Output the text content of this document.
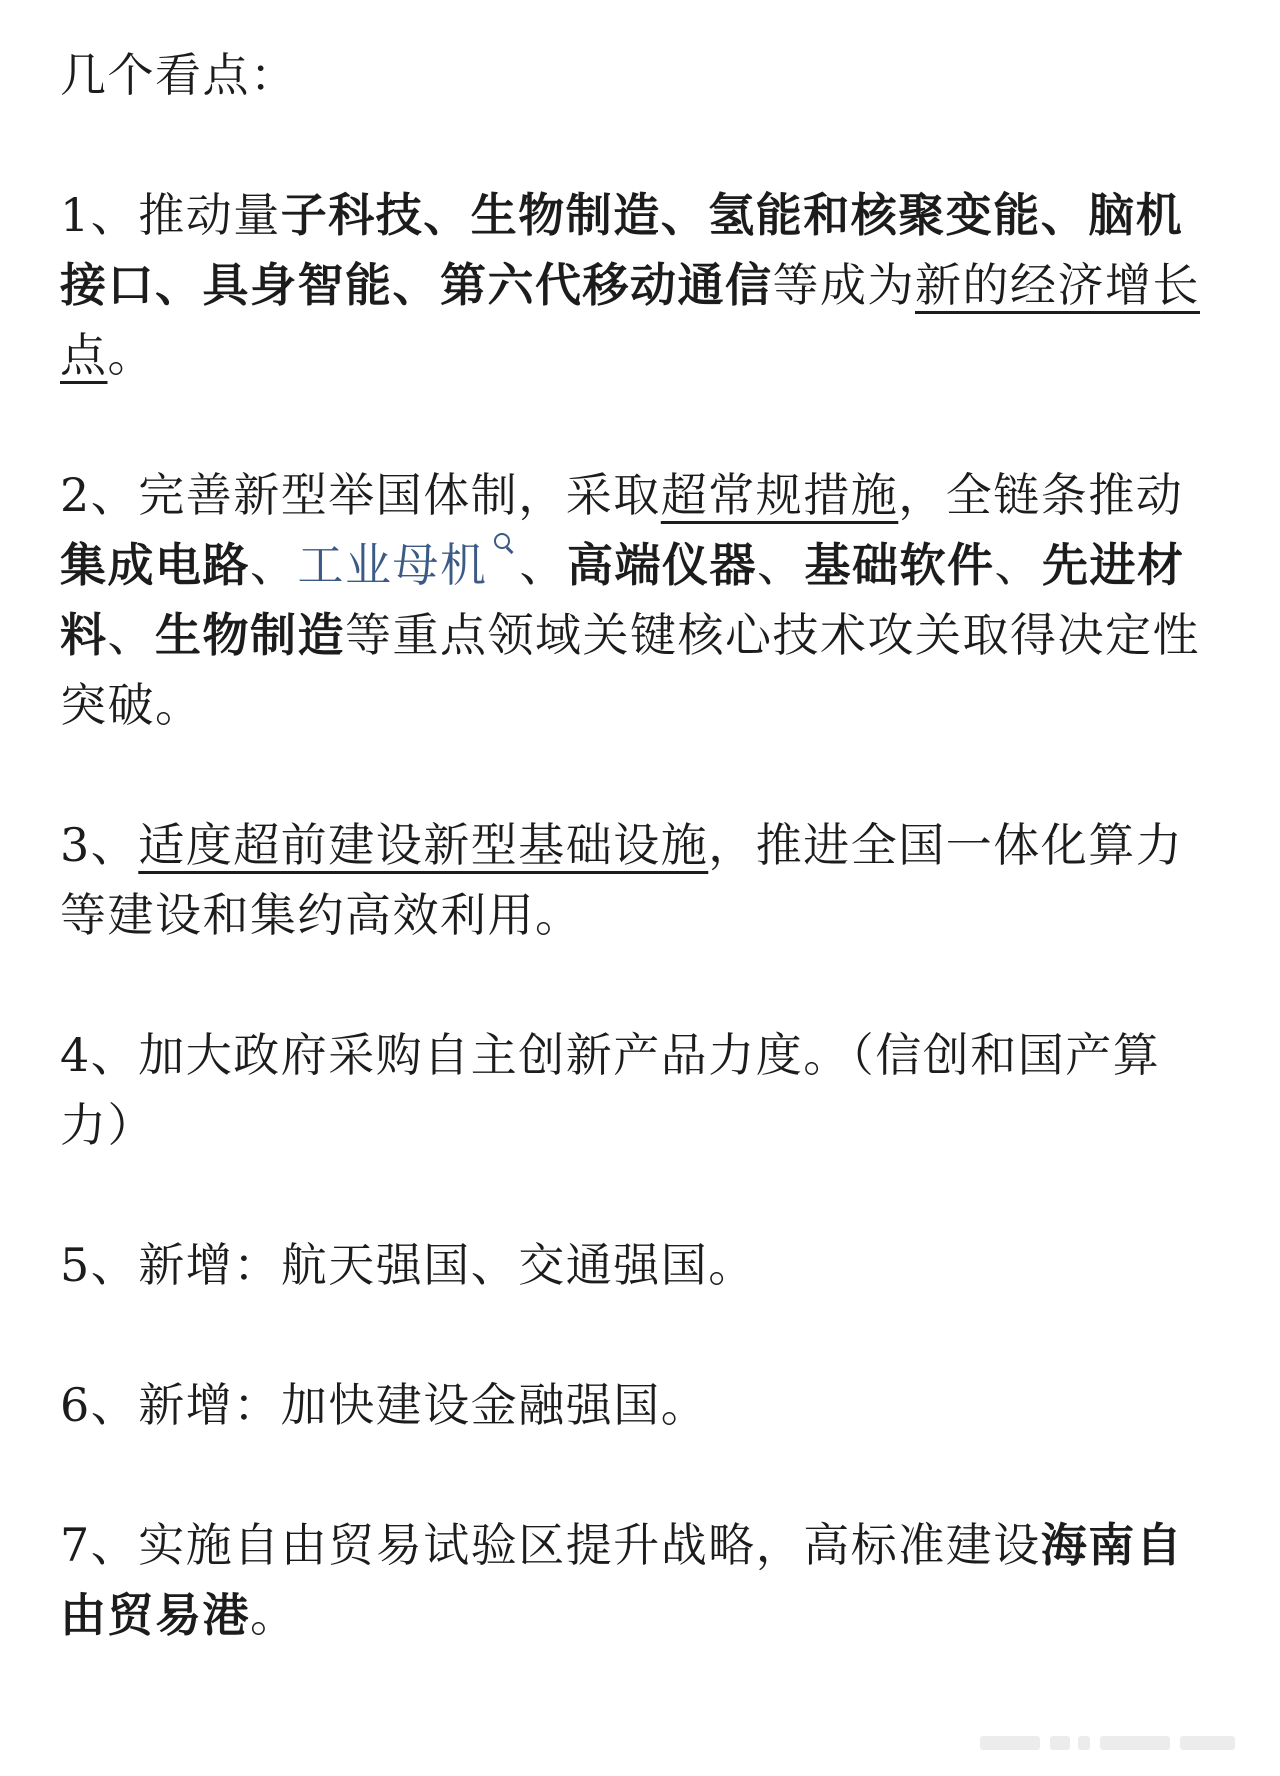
几个看点：

1、推动量子科技、生物制造、氢能和核聚变能、脑机接口、具身智能、第六代移动通信等成为新的经济增长点。

2、完善新型举国体制，采取超常规措施，全链条推动集成电路、工业母机 、高端仪器、基础软件、先进材料、生物制造等重点领域关键核心技术攻关取得决定性突破。

3、适度超前建设新型基础设施，推进全国一体化算力等建设和集约高效利用。

4、加大政府采购自主创新产品力度。（信创和国产算力）

5、新增：航天强国、交通强国。

6、新增：加快建设金融强国。

7、实施自由贸易试验区提升战略，高标准建设海南自由贸易港。
